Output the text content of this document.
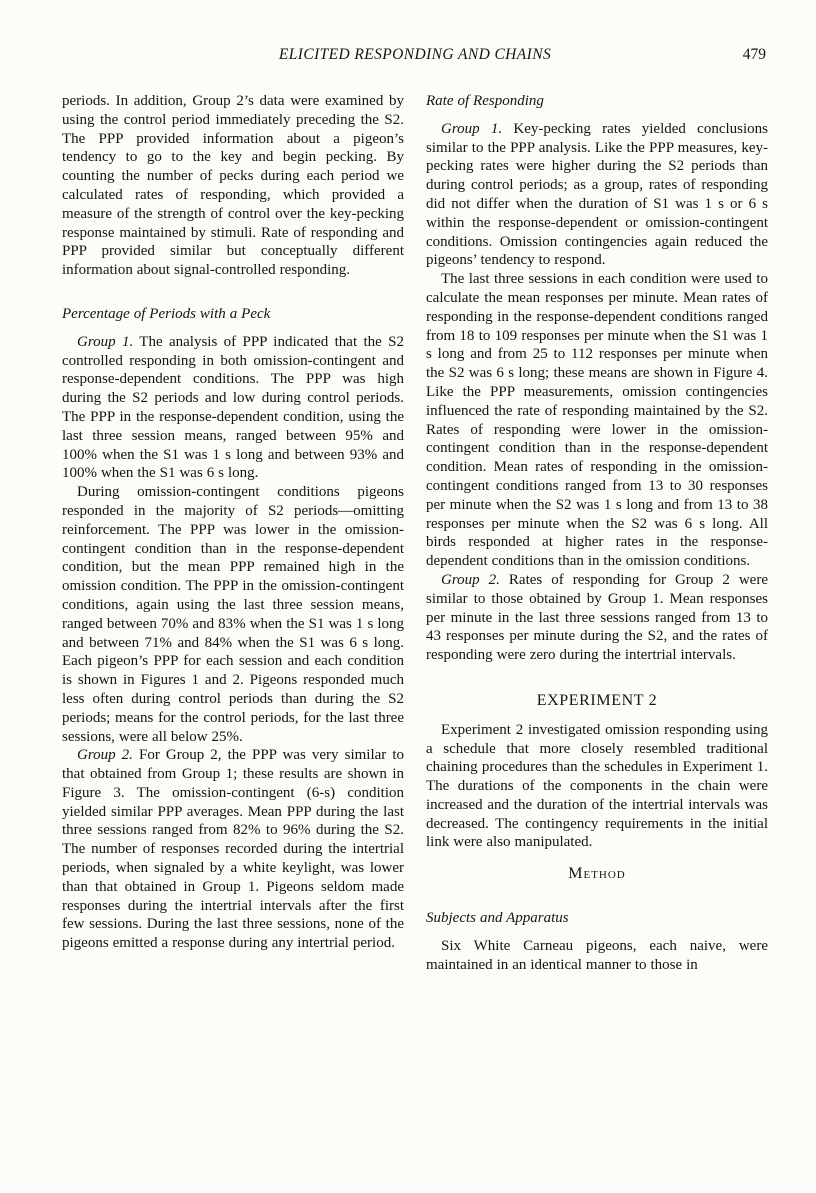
ELICITED RESPONDING AND CHAINS	479

periods. In addition, Group 2’s data were examined by using the control period immediately preceding the S2. The PPP provided information about a pigeon’s tendency to go to the key and begin pecking. By counting the number of pecks during each period we calculated rates of responding, which provided a measure of the strength of control over the key-pecking response maintained by stimuli. Rate of responding and PPP provided similar but conceptually different information about signal-controlled responding.

Percentage of Periods with a Peck

Group 1. The analysis of PPP indicated that the S2 controlled responding in both omission-contingent and response-dependent conditions. The PPP was high during the S2 periods and low during control periods. The PPP in the response-dependent condition, using the last three session means, ranged between 95% and 100% when the S1 was 1 s long and between 93% and 100% when the S1 was 6 s long.

During omission-contingent conditions pigeons responded in the majority of S2 periods—omitting reinforcement. The PPP was lower in the omission-contingent condition than in the response-dependent condition, but the mean PPP remained high in the omission condition. The PPP in the omission-contingent conditions, again using the last three session means, ranged between 70% and 83% when the S1 was 1 s long and between 71% and 84% when the S1 was 6 s long. Each pigeon’s PPP for each session and each condition is shown in Figures 1 and 2. Pigeons responded much less often during control periods than during the S2 periods; means for the control periods, for the last three sessions, were all below 25%.

Group 2. For Group 2, the PPP was very similar to that obtained from Group 1; these results are shown in Figure 3. The omission-contingent (6-s) condition yielded similar PPP averages. Mean PPP during the last three sessions ranged from 82% to 96% during the S2. The number of responses recorded during the intertrial periods, when signaled by a white keylight, was lower than that obtained in Group 1. Pigeons seldom made responses during the intertrial intervals after the first few sessions. During the last three sessions, none of the pigeons emitted a response during any intertrial period.

Rate of Responding

Group 1. Key-pecking rates yielded conclusions similar to the PPP analysis. Like the PPP measures, key-pecking rates were higher during the S2 periods than during control periods; as a group, rates of responding did not differ when the duration of S1 was 1 s or 6 s within the response-dependent or omission-contingent conditions. Omission contingencies again reduced the pigeons’ tendency to respond.

The last three sessions in each condition were used to calculate the mean responses per minute. Mean rates of responding in the response-dependent conditions ranged from 18 to 109 responses per minute when the S1 was 1 s long and from 25 to 112 responses per minute when the S2 was 6 s long; these means are shown in Figure 4. Like the PPP measurements, omission contingencies influenced the rate of responding maintained by the S2. Rates of responding were lower in the omission-contingent condition than in the response-dependent condition. Mean rates of responding in the omission-contingent conditions ranged from 13 to 30 responses per minute when the S2 was 1 s long and from 13 to 38 responses per minute when the S2 was 6 s long. All birds responded at higher rates in the response-dependent conditions than in the omission conditions.

Group 2. Rates of responding for Group 2 were similar to those obtained by Group 1. Mean responses per minute in the last three sessions ranged from 13 to 43 responses per minute during the S2, and the rates of responding were zero during the intertrial intervals.

EXPERIMENT 2

Experiment 2 investigated omission responding using a schedule that more closely resembled traditional chaining procedures than the schedules in Experiment 1. The durations of the components in the chain were increased and the duration of the intertrial intervals was decreased. The contingency requirements in the initial link were also manipulated.

Method
Subjects and Apparatus

Six White Carneau pigeons, each naive, were maintained in an identical manner to those in
